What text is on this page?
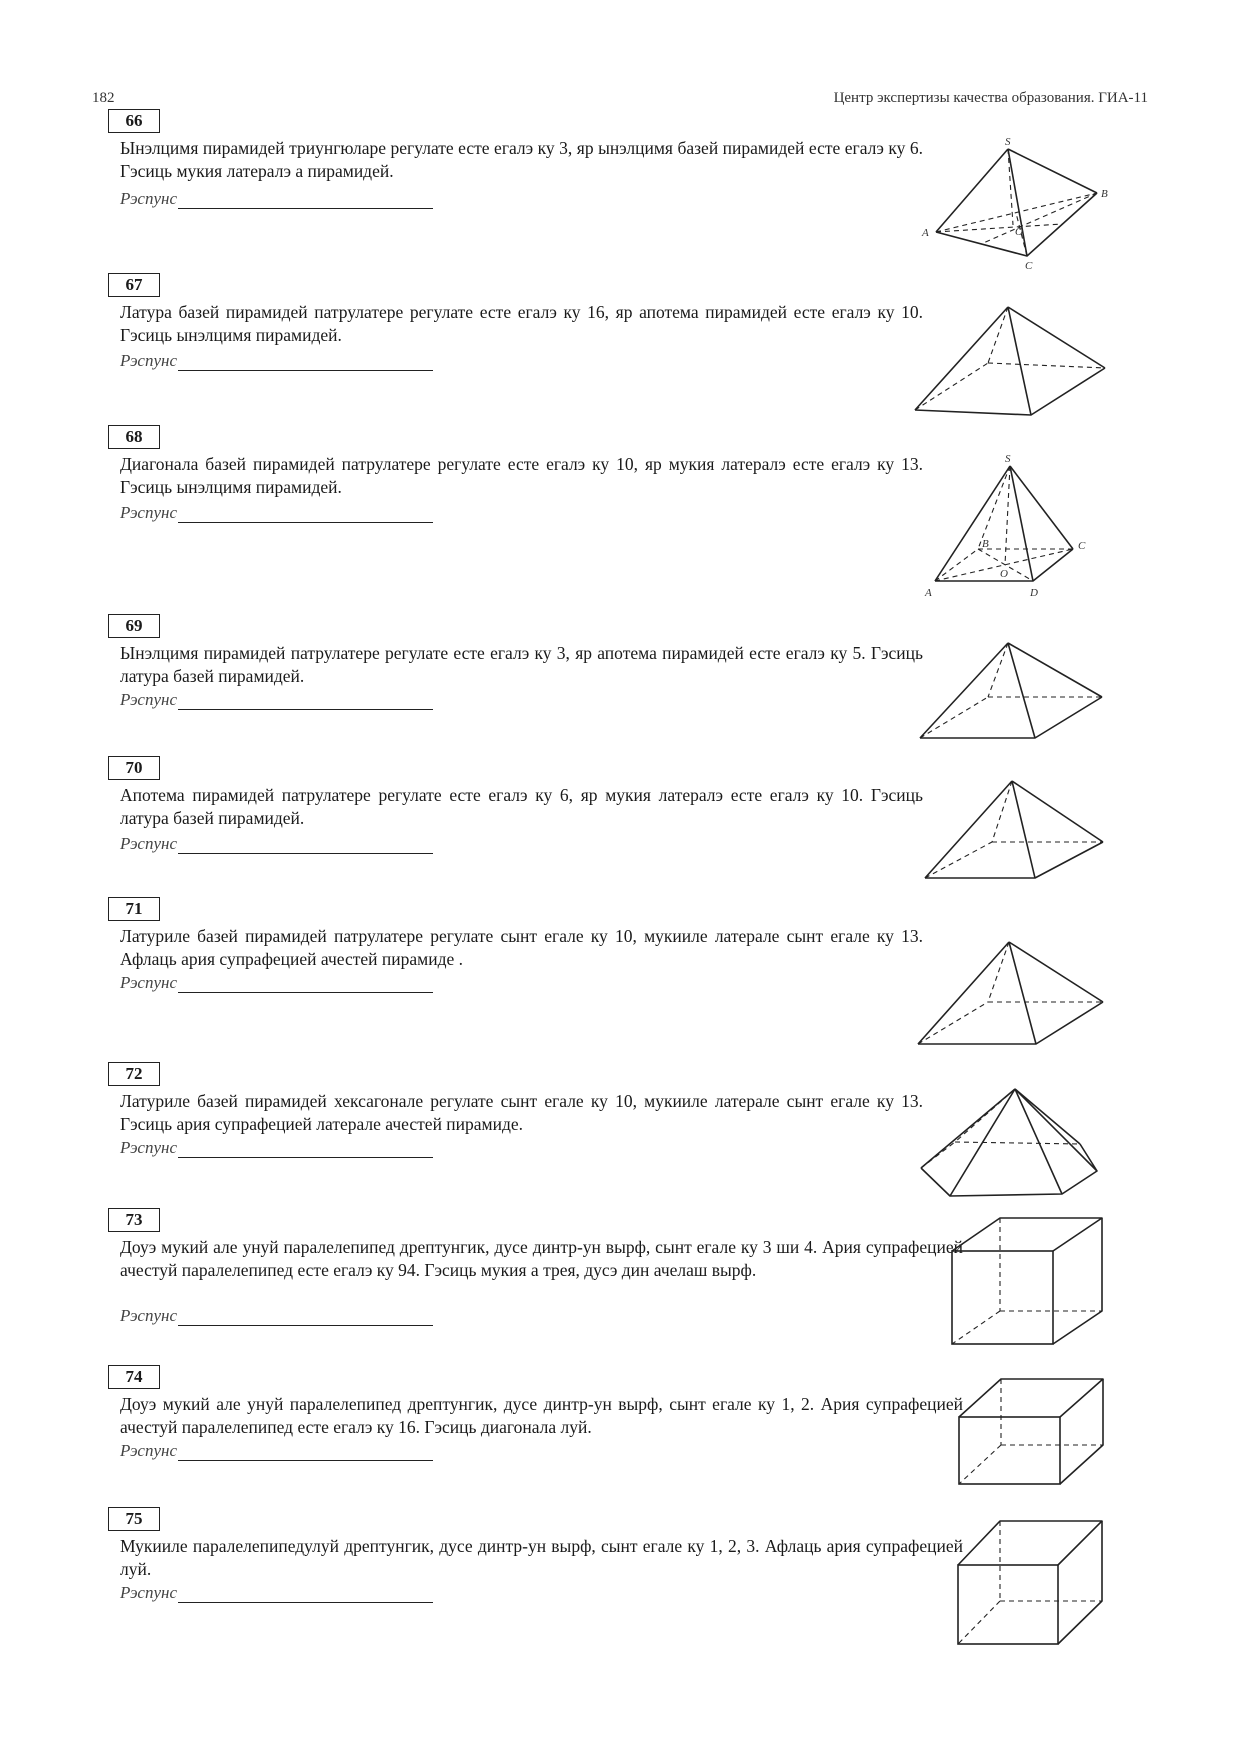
182	Центр экспертизы качества образования. ГИА-11
66
Ынэлцимя пирамидей триунгюларе регулате есте егалэ ку 3, яр ынэлцимя базей пирамидей есте егалэ ку 6. Гэсиць мукия латералэ а пирамидей.
Рэспунс
67
Латура базей пирамидей патрулатере регулате есте егалэ ку 16, яр апотема пирамидей есте егалэ ку 10. Гэсиць ынэлцимя пирамидей.
Рэспунс
68
Диагонала базей пирамидей патрулатере регулате есте егалэ ку 10, яр мукия латералэ есте егалэ ку 13. Гэсиць ынэлцимя пирамидей.
Рэспунс
69
Ынэлцимя пирамидей патрулатере регулате есте егалэ ку 3, яр апотема пирамидей есте егалэ ку 5. Гэсиць латура базей пирамидей.
Рэспунс
70
Апотема пирамидей патрулатере регулате есте егалэ ку 6, яр мукия латералэ есте егалэ ку 10. Гэсиць латура базей пирамидей.
Рэспунс
71
Латуриле базей пирамидей патрулатере регулате сынт егале ку 10, мукииле латерале сынт егале ку 13. Афлаць ария супрафецией ачестей пирамиде .
Рэспунс
72
Латуриле базей пирамидей хексагонале регулате сынт егале ку 10, мукииле латерале сынт егале ку 13. Гэсиць ария супрафецией латерале ачестей пирамиде.
Рэспунс
73
Доуэ мукий але унуй паралелепипед дрептунгик, дусе динтр-ун вырф, сынт егале ку 3 ши 4. Ария супрафецией ачестуй паралелепипед есте егалэ ку 94. Гэсиць мукия а трея, дусэ дин ачелаш вырф.
Рэспунс
74
Доуэ мукий але унуй паралелепипед дрептунгик, дусе динтр-ун вырф, сынт егале ку 1, 2. Ария супрафецией ачестуй паралелепипед есте егалэ ку 16. Гэсиць диагонала луй.
Рэспунс
75
Мукииле паралелепипедулуй дрептунгик, дусе динтр-ун вырф, сынт егале ку 1, 2, 3. Афлаць ария супрафецией луй.
Рэспунс
S
A
B
C
O
S
A
B	C
D
O
